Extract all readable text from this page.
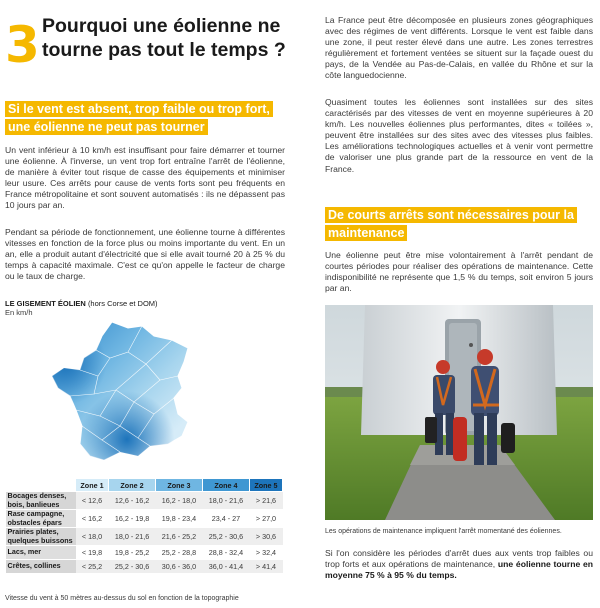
3 Pourquoi une éolienne ne tourne pas tout le temps ?
Si le vent est absent, trop faible ou trop fort, une éolienne ne peut pas tourner

Un vent inférieur à 10 km/h est insuffisant pour faire démarrer et tourner une éolienne. À l'inverse, un vent trop fort entraîne l'arrêt de l'éolienne, de manière à éviter tout risque de casse des équipements et minimiser leur usure. Ces arrêts pour cause de vents forts sont peu fréquents en France métropolitaine et sont souvent automatisés : ils ne dépassent pas 10 jours par an.

Pendant sa période de fonctionnement, une éolienne tourne à différentes vitesses en fonction de la force plus ou moins importante du vent. En un an, elle a produit autant d'électricité que si elle avait tourné 20 à 25 % du temps à capacité maximale. C'est ce qu'on appelle le facteur de charge ou le taux de charge.

LE GISEMENT ÉOLIEN (hors Corse et DOM)
En km/h
	Zone 1	Zone 2	Zone 3	Zone 4	Zone 5
Bocages denses, bois, banlieues	< 12,6	12,6 - 16,2	16,2 - 18,0	18,0 - 21,6	> 21,6
Rase campagne, obstacles épars	< 16,2	16,2 - 19,8	19,8 - 23,4	23,4 - 27	> 27,0
Prairies plates, quelques buissons	< 18,0	18,0 - 21,6	21,6 - 25,2	25,2 - 30,6	> 30,6
Lacs, mer	< 19,8	19,8 - 25,2	25,2 - 28,8	28,8 - 32,4	> 32,4
Crêtes, collines	< 25,2	25,2 - 30,6	30,6 - 36,0	36,0 - 41,4	> 41,4
Vitesse du vent à 50 mètres au-dessus du sol en fonction de la topographie

La France peut être décomposée en plusieurs zones géographiques avec des régimes de vent différents. Lorsque le vent est faible dans une zone, il peut rester élevé dans une autre. Les zones terrestres régulièrement et fortement ventées se situent sur la façade ouest du pays, de la Vendée au Pas-de-Calais, en vallée du Rhône et sur la côte languedocienne.

Quasiment toutes les éoliennes sont installées sur des sites caractérisés par des vitesses de vent en moyenne supérieures à 20 km/h. Les nouvelles éoliennes plus performantes, dites « toilées », peuvent être installées sur des sites avec des vitesses plus faibles. Les améliorations technologiques actuelles et à venir vont permettre de valoriser une plus grande part de la ressource en vent de la France.

De courts arrêts sont nécessaires pour la maintenance

Une éolienne peut être mise volontairement à l'arrêt pendant de courtes périodes pour réaliser des opérations de maintenance. Cette indisponibilité ne représente que 1,5 % du temps, soit environ 5 jours par an.

Les opérations de maintenance impliquent l'arrêt momentané des éoliennes.

Si l'on considère les périodes d'arrêt dues aux vents trop faibles ou trop forts et aux opérations de maintenance, une éolienne tourne en moyenne 75 % à 95 % du temps.
